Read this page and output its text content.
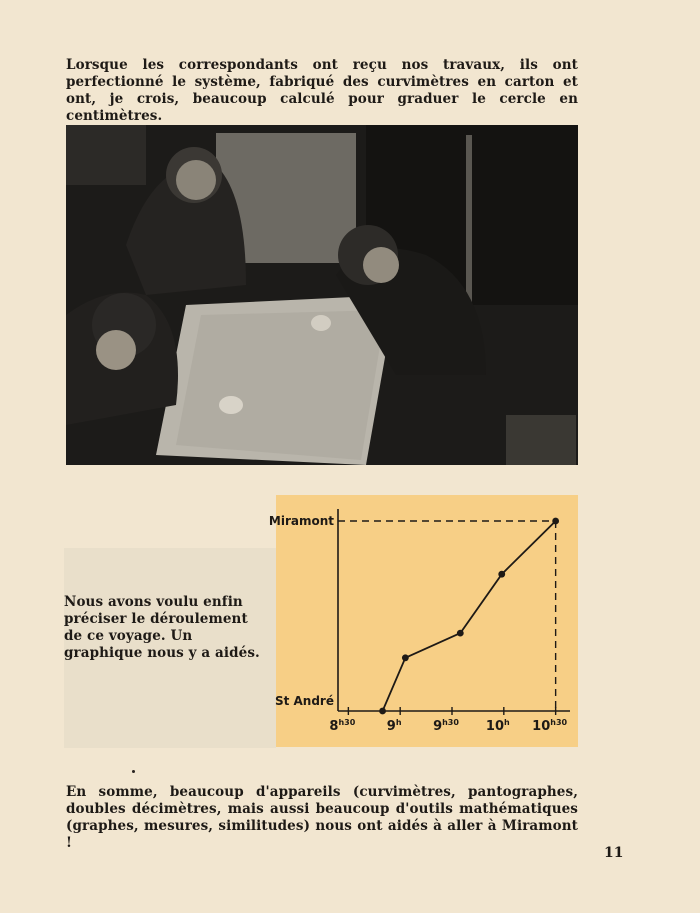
Lorsque les correspondants ont reçu nos travaux, ils ont perfectionné le système, fabriqué des curvimètres en carton et ont, je crois, beaucoup calculé pour graduer le cercle en centimètres.

Nous avons voulu enfin préciser le déroulement de ce voyage. Un graphique nous y a aidés.

$8^{h30}$ 9$^h$ $9^{h30}$ 10$^h$ $10^{h30}$
St André
Miramont

En somme, beaucoup d'appareils (curvimètres, pantographes, doubles décimètres, mais aussi beaucoup d'outils mathématiques (graphes, mesures, similitudes) nous ont aidés à aller à Miramont !

11
